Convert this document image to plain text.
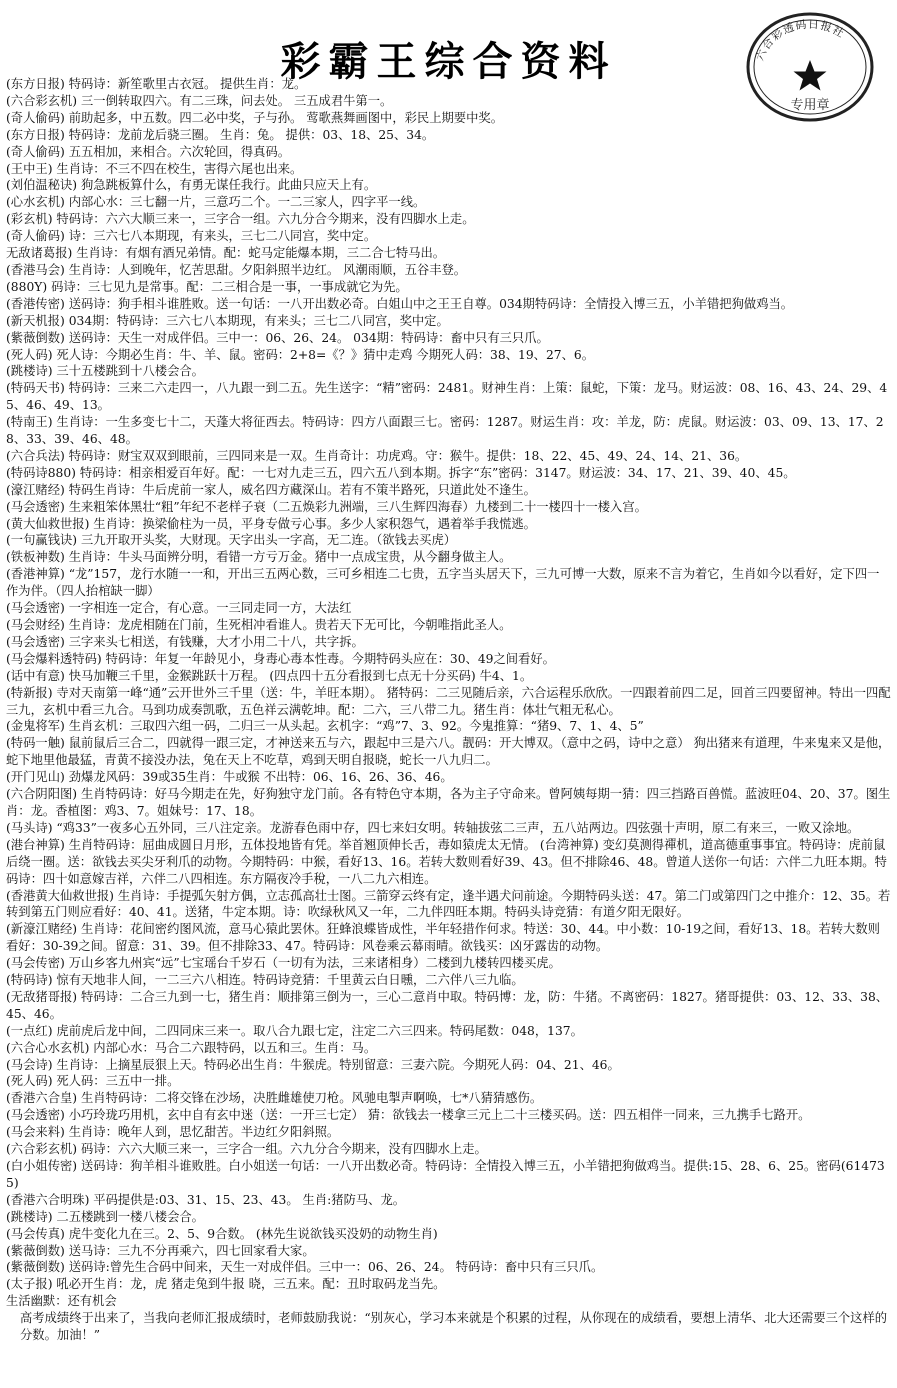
彩霸王综合资料	六合彩透码日报社
专用章
(东方日报) 特码诗：新笙歌里古衣冠。 提供生肖：龙。
(六合彩玄机) 三一倒转取四六。有二三珠，问去处。 三五成君牛第一。
(奇人偷码) 前助起多，中五数。四二必中奖，子与孙。 莺歌燕舞画图中，彩民上期要中奖。
(东方日报) 特码诗：龙前龙后骁三圈。 生肖：兔。 提供：03、18、25、34。
(奇人偷码) 五五相加，来相合。六次轮回，得真码。
(王中王) 生肖诗：不三不四在校生，害得六尾也出来。
(刘伯温秘诀) 狗急跳板算什么，有勇无谋任我行。此曲只应天上有。
(心水玄机) 内部心水：三七翻一片，三意巧二个。一二三家人，四字平一线。
(彩玄机) 特码诗：六六大顺三来一，三字合一组。六九分合今期来，没有四脚水上走。
(奇人偷码) 诗：三六七八本期现，有来头，三七二八同宫，奖中定。
无敌诸葛报) 生肖诗：有烟有酒兄弟情。配：蛇马定能爆本期，三二合七特马出。
(香港马会) 生肖诗：人到晚年，忆苦思甜。夕阳斜照半边红。 风潮雨顺，五谷丰登。
(880Y) 码诗：三七见九是常事。配：二三相合是一事，一事成就它为先。
(香港传密) 送码诗：狗手相斗谁胜败。送一句话：一八开出数必奇。白姐山中之王王自尊。034期特码诗：全情投入博三五，小羊错把狗做鸡当。
(新天机报) 034期：特码诗：三六七八本期现，有来头；三七二八同宫，奖中定。
(紫薇倒数) 送码诗：天生一对成伴侣。三中一：06、26、24。 034期：特码诗：畜中只有三只爪。
(死人码) 死人诗：今期必生肖：牛、羊、鼠。密码：2+8=《？》猜中走鸡 今期死人码：38、19、27、6。
(跳楼诗) 三十五楼跳到十八楼会合。
(特码天书) 特码诗：三来二六走四一，八九跟一到二五。先生送字：“精”密码：2481。财神生肖：上策：鼠蛇，下策：龙马。财运波：08、16、43、24、29、45、46、49、13。
(特南王) 生肖诗：一生多变七十二，天蓬大将征西去。特码诗：四方八面跟三七。密码：1287。财运生肖：攻：羊龙，防：虎鼠。财运波：03、09、13、17、28、33、39、46、48。
(六合兵法) 特码诗：财宝双双到眼前，三四同来是一双。生肖奇计：功虎鸡。守：猴牛。提供：18、22、45、49、24、14、21、36。
(特码诗880) 特码诗：相亲相爱百年好。配：一七对九走三五，四六五八到本期。拆字“东”密码：3147。财运波：34、17、21、39、40、45。
(濠江赌经) 特码生肖诗：牛后虎前一家人，威名四方藏深山。若有不策半路死，只道此处不逢生。
(马会透密) 生来粗笨体黑壮“粗”年纪不老样子衰（二五焕彩九洲端，三八生辉四海春）九楼到二十一楼四十一楼入宫。
(黄大仙救世报) 生肖诗：换梁偷柱为一员，平身专做亏心事。多少人家积怨气，遇着举手我慌逃。
(一句赢钱诀) 三九开取开头奖，大财现。天字出头一字高，无二连。（欲钱去买虎）
(铁板神数) 生肖诗：牛头马面辨分明，看错一方亏万金。猪中一点成宝贵，从今翻身做主人。
(香港神算) “龙”157，龙行水随一一和，开出三五两心数，三可乡相连二七贵，五字当头居天下，三九可博一大数，原来不言为着它，生肖如今以看好，定下四一作为伴。（四人抬棺缺一脚）
(马会透密) 一字相连一定合，有心意。一三同走同一方，大法红
(马会财经) 生肖诗：龙虎相随在门前，生死相冲看谁人。贵若天下无可比，今朝唯指此圣人。
(马会透密) 三字来头七相送，有钱赚，大才小用二十八，共字拆。
(马会爆料透特码) 特码诗：年复一年龄见小，身毒心毒本性毒。今期特码头应在：30、49之间看好。
(话中有意) 快马加鞭三千里，金猴跳跃十万程。 (四点四十五分看报到七点无十分买码) 牛4、1。
(特新报) 寺对天南第一峰“通”云开世外三千里（送：牛，羊旺本期）。 猪特码：二三见随后亲，六合运程乐欣欣。一四跟着前四二足，回首三四要留神。特出一四配三九，玄机中看三九合。马到功成奏凯歌，五色祥云满乾坤。配：二六，三八带二九。猪生肖：体壮气粗无私心。
(金鬼将军) 生肖玄机：三取四六组一码，二归三一从头起。玄机字：“鸡”7、3、92。今鬼推算：“猪9、7、1、4、5”
(特码一触) 鼠前鼠后三合二，四就得一跟三定，才神送来五与六，跟起中三是六八。靓码：开大博双。（意中之码，诗中之意） 狗出猪来有道理，牛来鬼来又是他，蛇下地里他最猛，青黄不接没办法，兔在天上不吃草，鸡到天明自报晓，蛇长一八九归二。
(开门见山) 劲爆龙风码：39或35生肖：牛或猴 不出特：06、16、26、36、46。
(六合阴阳图) 生肖特码诗：好马今期走在先，好狗独守龙门前。各有特色守本期，各为主子守命来。曾阿姨每期一猜：四三挡路百兽慌。蓝波旺04、20、37。图生肖：龙。香植图：鸡3、7。姐妹号：17、18。
(马头诗) “鸡33”一夜多心五外同，三八注定亲。龙游春色雨中存，四七来妇女明。转轴拔弦二三声，五八站两边。四弦强十声明，原二有来三，一败又涂地。
(港台神算) 生肖特码诗：屈曲成圆日月形，五体投地皆有凭。举首翘顶伸长舌，毒如猿虎太无情。 (台湾神算) 变幻莫测得禪机，道高德重事事宜。特码诗：虎前鼠后绕一圈。送：欲钱去买尖牙利爪的动物。今期特码：中猴，看好13、16。若转大数则看好39、43。但不排除46、48。曾道人送你一句话：六伴二九旺本期。特码诗：四十如意嫁吉祥，六伴二八四相连。东方隔夜冷手稅，一八二九六相连。
(香港黄大仙救世报) 生肖诗：手提弧矢射方偶，立志孤高壮士图。三箭穿云终有定，逢半遇犬问前途。今期特码头送：47。第二门或第四门之中推介：12、35。若转到第五门则应看好：40、41。送猪，牛定本期。诗：吹绿秋风又一年，二九伴四旺本期。特码头诗竞猜：有道夕阳无限好。
(新濠江赌经) 生肖诗：花间密约图风流，意马心猿此罢休。狂蜂浪蝶皆成性，半年轻措作何求。特送：30、44。中小数：10-19之间，看好13、18。若转大数则看好：30-39之间。留意：31、39。但不排除33、47。特码诗：风卷乘云幕雨晴。欲钱买：凶牙露齿的动物。
(马会传密) 万山乡客九州宾“远”七宝瑶台千岁石（一切有为法，三来诸相身）二楼到九楼转四楼买虎。
(特码诗) 惊有天地非人间，一二三六八相连。特码诗竞猜：千里黄云白日曛，二六伴八三九临。
(无敌猪哥报) 特码诗：二合三九到一七，猪生肖：顺排第三倒为一，三心二意肖中取。特码博：龙，防：牛猪。不离密码：1827。猪哥提供：03、12、33、38、45、46。
(一点红) 虎前虎后龙中间，二四同床三来一。取八合九跟七定，注定二六三四来。特码尾数：048，137。
(六合心水玄机) 内部心水：马合二六跟特码，以五和三。生肖：马。
(马会诗) 生肖诗：上摘星辰狠上天。特码必出生肖：牛猴虎。特别留意：三妻六院。今期死人码：04、21、46。
(死人码) 死人码：三五中一排。
(香港六合皇) 生肖特码诗：二将交锋在沙场，决胜雌雄使刀枪。风驰电掣声啊唤，七*八猜猜感伤。
(马会透密) 小巧玲珑巧用机，玄中自有玄中迷（送：一开三七定） 猜：欲钱去一楼拿三元上二十三楼买码。送：四五相伴一同来，三九携手七路开。
(马会来料) 生肖诗：晚年人到，思忆甜苦。半边红夕阳斜照。
(六合彩玄机) 码诗：六六大顺三来一，三字合一组。六九分合今期来，没有四脚水上走。
(白小姐传密) 送码诗：狗羊相斗谁败胜。白小姐送一句话：一八开出数必奇。特码诗：全情投入博三五，小羊错把狗做鸡当。提供:15、28、6、25。密码(614735)
(香港六合明珠) 平码提供是:03、31、15、23、43。 生肖:猪防马、龙。
(跳楼诗) 二五楼跳到一楼八楼会合。
(马会传真) 虎牛变化九在三。2、5、9合数。 (林先生说欲钱买没奶的动物生肖)
(紫薇倒数) 送马诗：三九不分再乘六，四七回家看大家。
(紫薇倒数) 送码诗:曾先生合码中间来，天生一对成伴侣。三中一：06、26、24。 特码诗：畜中只有三只爪。
(太子报) 吼必开生肖：龙，虎 猪走兔到牛报 晓，三五来。配：丑时取码龙当先。
生活幽默：还有机会
高考成绩终于出来了，当我向老师汇报成绩时，老师鼓励我说：“别灰心，学习本来就是个积累的过程，从你现在的成绩看，要想上清华、北大还需要三个这样的分数。加油！”
